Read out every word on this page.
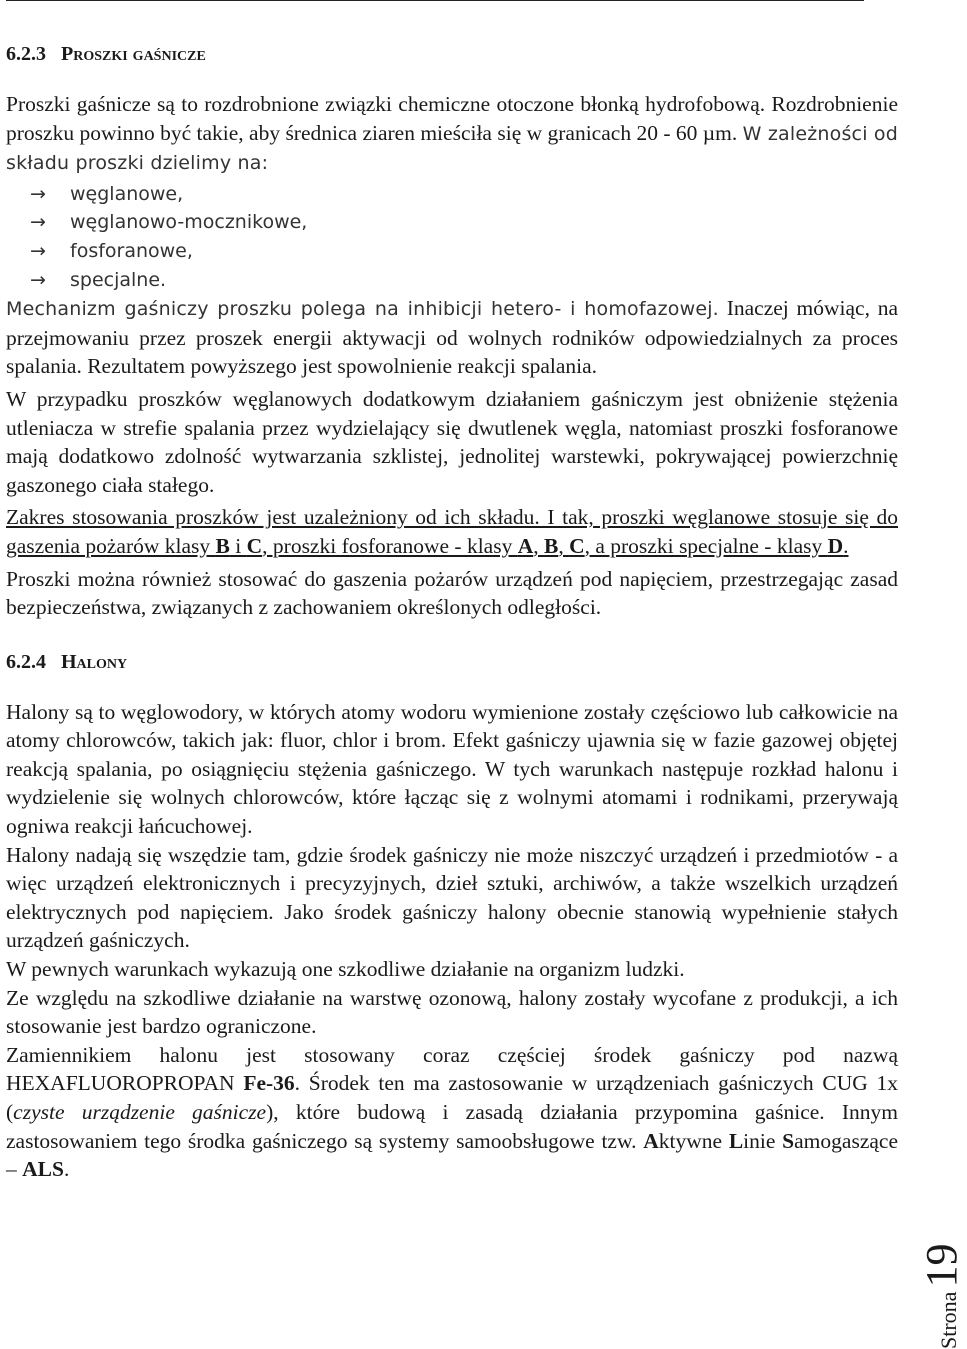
6.2.3 Proszki gaśnicze

Proszki gaśnicze są to rozdrobnione związki chemiczne otoczone błonką hydrofobową. Rozdrobnienie proszku powinno być takie, aby średnica ziaren mieściła się w granicach 20 - 60 µm. W zależności od składu proszki dzielimy na:

→ węglanowe,
→ węglanowo-mocznikowe,
→ fosforanowe,
→ specjalne.

Mechanizm gaśniczy proszku polega na inhibicji hetero- i homofazowej. Inaczej mówiąc, na przejmowaniu przez proszek energii aktywacji od wolnych rodników odpowiedzialnych za proces spalania. Rezultatem powyższego jest spowolnienie reakcji spalania.

W przypadku proszków węglanowych dodatkowym działaniem gaśniczym jest obniżenie stężenia utleniacza w strefie spalania przez wydzielający się dwutlenek węgla, natomiast proszki fosforanowe mają dodatkowo zdolność wytwarzania szklistej, jednolitej warstewki, pokrywającej powierzchnię gaszonego ciała stałego.

Zakres stosowania proszków jest uzależniony od ich składu. I tak, proszki węglanowe stosuje się do gaszenia pożarów klasy B i C, proszki fosforanowe - klasy A, B, C, a proszki specjalne - klasy D.

Proszki można również stosować do gaszenia pożarów urządzeń pod napięciem, przestrzegając zasad bezpieczeństwa, związanych z zachowaniem określonych odległości.

6.2.4 Halony

Halony są to węglowodory, w których atomy wodoru wymienione zostały częściowo lub całkowicie na atomy chlorowców, takich jak: fluor, chlor i brom. Efekt gaśniczy ujawnia się w fazie gazowej objętej reakcją spalania, po osiągnięciu stężenia gaśniczego. W tych warunkach następuje rozkład halonu i wydzielenie się wolnych chlorowców, które łącząc się z wolnymi atomami i rodnikami, przerywają ogniwa reakcji łańcuchowej.

Halony nadają się wszędzie tam, gdzie środek gaśniczy nie może niszczyć urządzeń i przedmiotów - a więc urządzeń elektronicznych i precyzyjnych, dzieł sztuki, archiwów, a także wszelkich urządzeń elektrycznych pod napięciem. Jako środek gaśniczy halony obecnie stanowią wypełnienie stałych urządzeń gaśniczych.

W pewnych warunkach wykazują one szkodliwe działanie na organizm ludzki.

Ze względu na szkodliwe działanie na warstwę ozonową, halony zostały wycofane z produkcji, a ich stosowanie jest bardzo ograniczone.

Zamiennikiem halonu jest stosowany coraz częściej środek gaśniczy pod nazwą HEXAFLUOROPROPAN Fe-36. Środek ten ma zastosowanie w urządzeniach gaśniczych CUG 1x (czyste urządzenie gaśnicze), które budową i zasadą działania przypomina gaśnice. Innym zastosowaniem tego środka gaśniczego są systemy samoobsługowe tzw. Aktywne Linie Samogaszące – ALS.

Strona19
